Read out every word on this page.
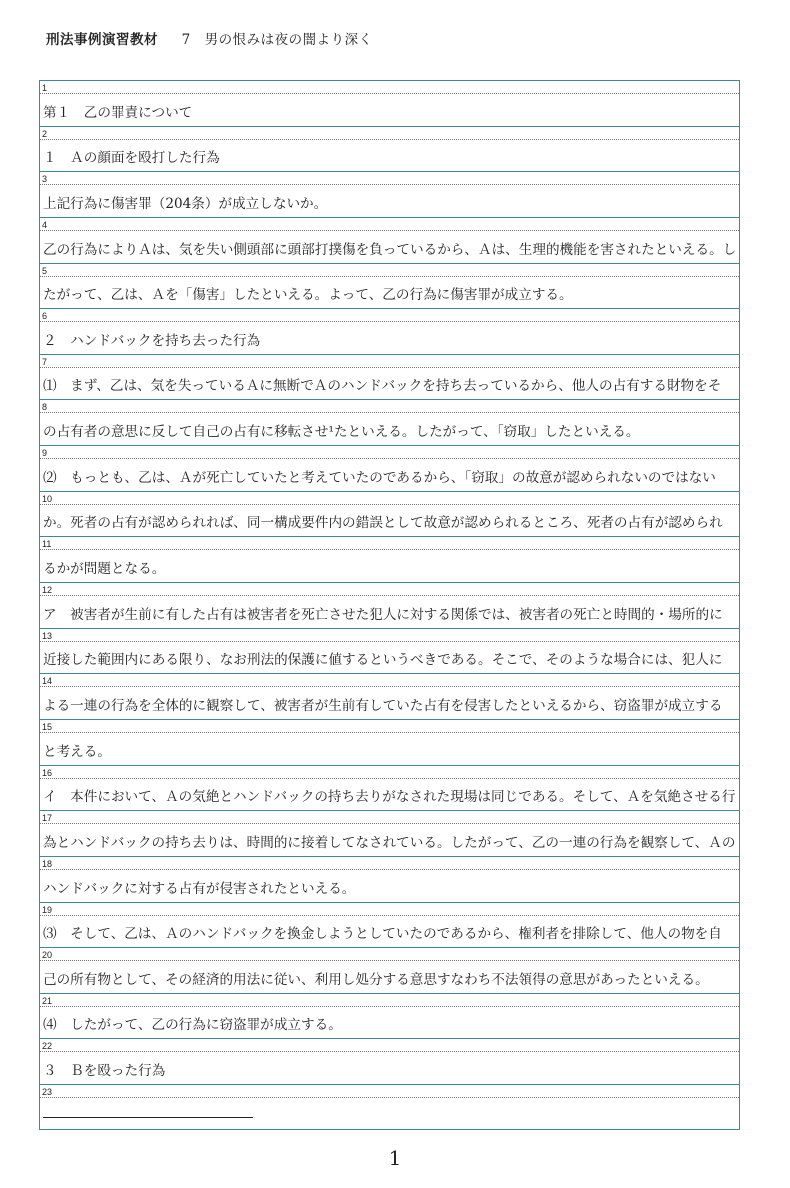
刑法事例演習教材 　 7　男の恨みは夜の闇より深く
1
第１　乙の罪責について
2
１　Ａの顔面を殴打した行為
3
上記行為に傷害罪（204条）が成立しないか。
4
乙の行為によりＡは、気を失い側頭部に頭部打撲傷を負っているから、Ａは、生理的機能を害されたといえる。し
5
たがって、乙は、Ａを「傷害」したといえる。よって、乙の行為に傷害罪が成立する。
6
２　ハンドバックを持ち去った行為
7
⑴　まず、乙は、気を失っているＡに無断でＡのハンドバックを持ち去っているから、他人の占有する財物をそ
8
の占有者の意思に反して自己の占有に移転させ¹たといえる。したがって、「窃取」したといえる。
9
⑵　もっとも、乙は、Ａが死亡していたと考えていたのであるから、「窃取」の故意が認められないのではない
10
か。死者の占有が認められれば、同一構成要件内の錯誤として故意が認められるところ、死者の占有が認められ
11
るかが問題となる。
12
ア　被害者が生前に有した占有は被害者を死亡させた犯人に対する関係では、被害者の死亡と時間的・場所的に
13
近接した範囲内にある限り、なお刑法的保護に値するというべきである。そこで、そのような場合には、犯人に
14
よる一連の行為を全体的に観察して、被害者が生前有していた占有を侵害したといえるから、窃盗罪が成立する
15
と考える。
16
イ　本件において、Ａの気絶とハンドバックの持ち去りがなされた現場は同じである。そして、Ａを気絶させる行
17
為とハンドバックの持ち去りは、時間的に接着してなされている。したがって、乙の一連の行為を観察して、Ａの
18
ハンドバックに対する占有が侵害されたといえる。
19
⑶　そして、乙は、Ａのハンドバックを換金しようとしていたのであるから、権利者を排除して、他人の物を自
20
己の所有物として、その経済的用法に従い、利用し処分する意思すなわち不法領得の意思があったといえる。
21
⑷　したがって、乙の行為に窃盗罪が成立する。
22
３　Ｂを殴った行為
23
1
